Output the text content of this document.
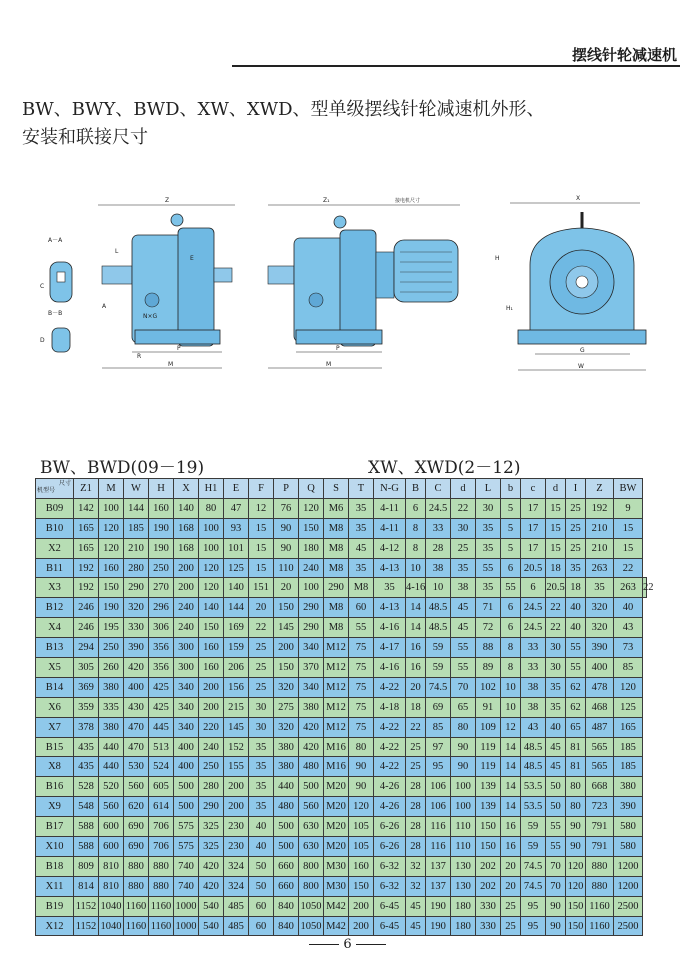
摆线针轮减速机
BW、BWY、BWD、XW、XWD、型单级摆线针轮减速机外形、
安装和联接尺寸
A－A
B－B
C
D
Z
N×G
L
E
A
R
P
M
Z₁	接电机尺寸
P
M
X
H
H₁
G
W
BW、BWD(09－19)	XW、XWD(2－12)
尺寸
机型号	Z1	M	W	H	X	H1	E	F	P	Q	S	T	N-G	B	C	d	L	b	c	d	I	Z	BW	
B09	142	100	144	160	140	80	47	12	76	120	M6	35	4-11	6	24.5	22	30	5	17	15	25	192	9	
B10	165	120	185	190	168	100	93	15	90	150	M8	35	4-11	8	33	30	35	5	17	15	25	210	15	
X2	165	120	210	190	168	100	101	15	90	180	M8	45	4-12	8	28	25	35	5	17	15	25	210	15	
B11	192	160	280	250	200	120	125	15	110	240	M8	35	4-13	10	38	35	55	6	20.5	18	35	263	22	
X3	192	150	290	270	200	120	140	151	20	100	290	M8	35	4-16	10	38	35	55	6	20.5	18	35	263	22
B12	246	190	320	296	240	140	144	20	150	290	M8	60	4-13	14	48.5	45	71	6	24.5	22	40	320	40	
X4	246	195	330	306	240	150	169	22	145	290	M8	55	4-16	14	48.5	45	72	6	24.5	22	40	320	43	
B13	294	250	390	356	300	160	159	25	200	340	M12	75	4-17	16	59	55	88	8	33	30	55	390	73	
X5	305	260	420	356	300	160	206	25	150	370	M12	75	4-16	16	59	55	89	8	33	30	55	400	85	
B14	369	380	400	425	340	200	156	25	320	340	M12	75	4-22	20	74.5	70	102	10	38	35	62	478	120	
X6	359	335	430	425	340	200	215	30	275	380	M12	75	4-18	18	69	65	91	10	38	35	62	468	125	
X7	378	380	470	445	340	220	145	30	320	420	M12	75	4-22	22	85	80	109	12	43	40	65	487	165	
B15	435	440	470	513	400	240	152	35	380	420	M16	80	4-22	25	97	90	119	14	48.5	45	81	565	185	
X8	435	440	530	524	400	250	155	35	380	480	M16	90	4-22	25	95	90	119	14	48.5	45	81	565	185	
B16	528	520	560	605	500	280	200	35	440	500	M20	90	4-26	28	106	100	139	14	53.5	50	80	668	380	
X9	548	560	620	614	500	290	200	35	480	560	M20	120	4-26	28	106	100	139	14	53.5	50	80	723	390	
B17	588	600	690	706	575	325	230	40	500	630	M20	105	6-26	28	116	110	150	16	59	55	90	791	580	
X10	588	600	690	706	575	325	230	40	500	630	M20	105	6-26	28	116	110	150	16	59	55	90	791	580	
B18	809	810	880	880	740	420	324	50	660	800	M30	160	6-32	32	137	130	202	20	74.5	70	120	880	1200	
X11	814	810	880	880	740	420	324	50	660	800	M30	150	6-32	32	137	130	202	20	74.5	70	120	880	1200	
B19	1152	1040	1160	1160	1000	540	485	60	840	1050	M42	200	6-45	45	190	180	330	25	95	90	150	1160	2500	
X12	1152	1040	1160	1160	1000	540	485	60	840	1050	M42	200	6-45	45	190	180	330	25	95	90	150	1160	2500	
6
